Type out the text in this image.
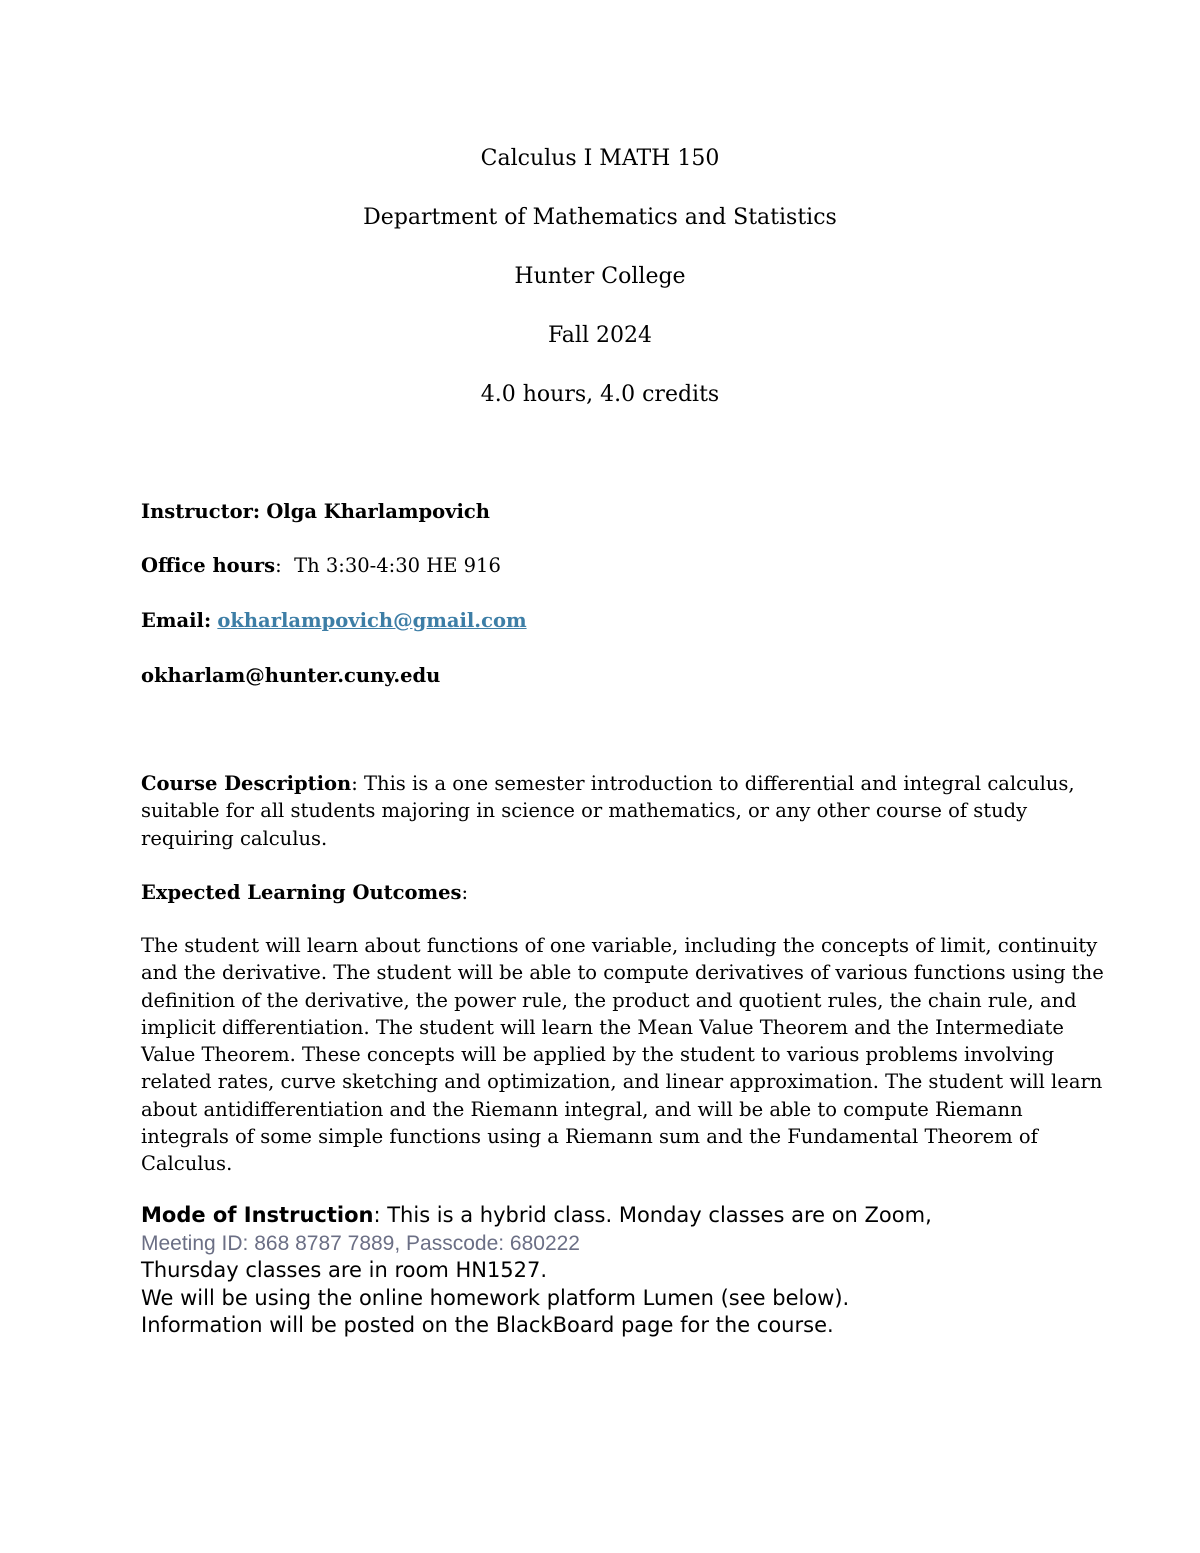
Calculus I MATH 150
Department of Mathematics and Statistics
Hunter College
Fall 2024
4.0 hours, 4.0 credits
Instructor: Olga Kharlampovich
Office hours: Th 3:30-4:30 HE 916
Email: okharlampovich@gmail.com
okharlam@hunter.cuny.edu
Course Description: This is a one semester introduction to differential and integral calculus,
suitable for all students majoring in science or mathematics, or any other course of study
requiring calculus.
Expected Learning Outcomes:
The student will learn about functions of one variable, including the concepts of limit, continuity
and the derivative. The student will be able to compute derivatives of various functions using the
definition of the derivative, the power rule, the product and quotient rules, the chain rule, and
implicit differentiation. The student will learn the Mean Value Theorem and the Intermediate
Value Theorem. These concepts will be applied by the student to various problems involving
related rates, curve sketching and optimization, and linear approximation. The student will learn
about antidifferentiation and the Riemann integral, and will be able to compute Riemann
integrals of some simple functions using a Riemann sum and the Fundamental Theorem of
Calculus.
Mode of Instruction: This is a hybrid class. Monday classes are on Zoom,
Meeting ID: 868 8787 7889, Passcode: 680222
Thursday classes are in room HN1527.
We will be using the online homework platform Lumen (see below).
Information will be posted on the BlackBoard page for the course.
